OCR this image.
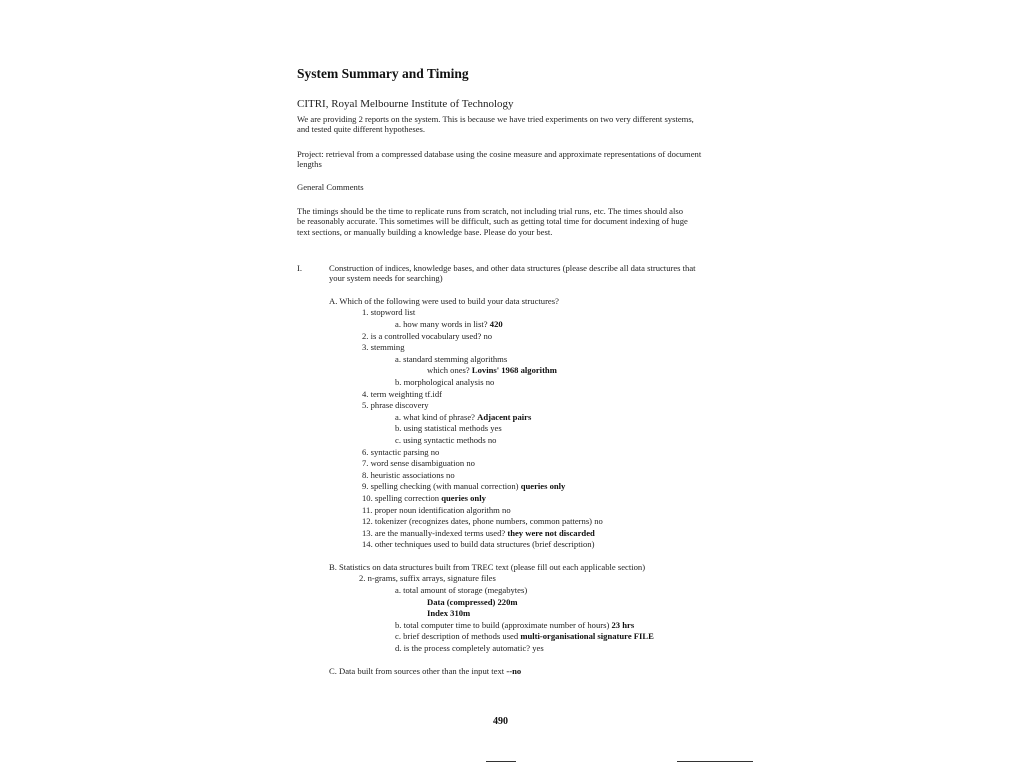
System Summary and Timing
CITRI, Royal Melbourne Institute of Technology
We are providing 2 reports on the system. This is because we have tried experiments on two very different systems,
and tested quite different hypotheses.
Project: retrieval from a compressed database using the cosine measure and approximate representations of document
lengths
General Comments
The timings should be the time to replicate runs from scratch, not including trial runs, etc. The times should also
be reasonably accurate. This sometimes will be difficult, such as getting total time for document indexing of huge
text sections, or manually building a knowledge base. Please do your best.
I.	Construction of indices, knowledge bases, and other data structures (please describe all data structures that
your system needs for searching)
A. Which of the following were used to build your data structures?
1. stopword list
a. how many words in list? 420
2. is a controlled vocabulary used? no
3. stemming
a. standard stemming algorithms
which ones? Lovins' 1968 algorithm
b. morphological analysis no
4. term weighting tf.idf
5. phrase discovery
a. what kind of phrase? Adjacent pairs
b. using statistical methods yes
c. using syntactic methods no
6. syntactic parsing no
7. word sense disambiguation no
8. heuristic associations no
9. spelling checking (with manual correction) queries only
10. spelling correction queries only
11. proper noun identification algorithm no
12. tokenizer (recognizes dates, phone numbers, common patterns) no
13. are the manually-indexed terms used? they were not discarded
14. other techniques used to build data structures (brief description)
B. Statistics on data structures built from TREC text (please fill out each applicable section)
2. n-grams, suffix arrays, signature files
a. total amount of storage (megabytes)
Data (compressed) 220m
Index 310m
b. total computer time to build (approximate number of hours) 23 hrs
c. brief description of methods used multi-organisational signature FILE
d. is the process completely automatic? yes
C. Data built from sources other than the input text --no
490
